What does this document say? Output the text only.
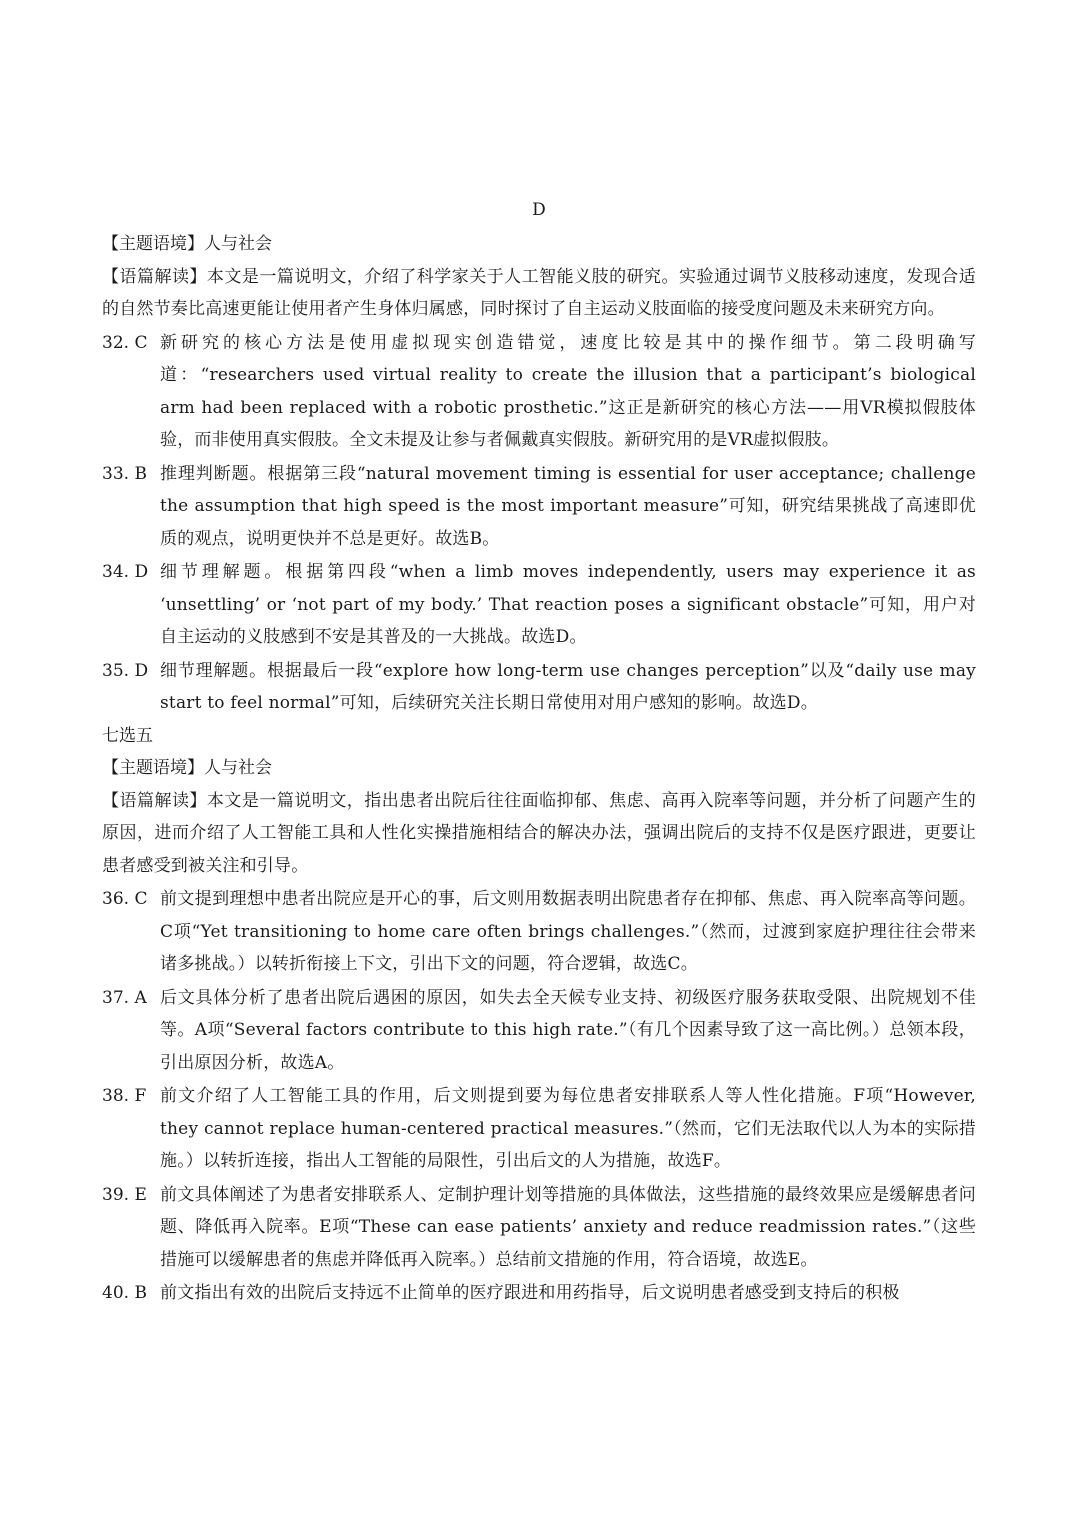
D

【主题语境】人与社会

【语篇解读】本文是一篇说明文，介绍了科学家关于人工智能义肢的研究。实验通过调节义肢移动速度，发现合适的自然节奏比高速更能让使用者产生身体归属感，同时探讨了自主运动义肢面临的接受度问题及未来研究方向。

32. C 新研究的核心方法是使用虚拟现实创造错觉，速度比较是其中的操作细节。第二段明确写道：“researchers used virtual reality to create the illusion that a participant’s biological arm had been replaced with a robotic prosthetic.”这正是新研究的核心方法——用VR模拟假肢体验，而非使用真实假肢。全文未提及让参与者佩戴真实假肢。新研究用的是VR虚拟假肢。
33. B 推理判断题。根据第三段“natural movement timing is essential for user acceptance; challenge the assumption that high speed is the most important measure”可知，研究结果挑战了高速即优质的观点，说明更快并不总是更好。故选B。
34. D 细节理解题。根据第四段“when a limb moves independently, users may experience it as ‘unsettling’ or ‘not part of my body.’ That reaction poses a significant obstacle”可知，用户对自主运动的义肢感到不安是其普及的一大挑战。故选D。
35. D 细节理解题。根据最后一段“explore how long-term use changes perception”以及“daily use may start to feel normal”可知，后续研究关注长期日常使用对用户感知的影响。故选D。

七选五

【主题语境】人与社会

【语篇解读】本文是一篇说明文，指出患者出院后往往面临抑郁、焦虑、高再入院率等问题，并分析了问题产生的原因，进而介绍了人工智能工具和人性化实操措施相结合的解决办法，强调出院后的支持不仅是医疗跟进，更要让患者感受到被关注和引导。

36. C 前文提到理想中患者出院应是开心的事，后文则用数据表明出院患者存在抑郁、焦虑、再入院率高等问题。C项“Yet transitioning to home care often brings challenges.”（然而，过渡到家庭护理往往会带来诸多挑战。）以转折衔接上下文，引出下文的问题，符合逻辑，故选C。
37. A 后文具体分析了患者出院后遇困的原因，如失去全天候专业支持、初级医疗服务获取受限、出院规划不佳等。A项“Several factors contribute to this high rate.”（有几个因素导致了这一高比例。）总领本段，引出原因分析，故选A。
38. F 前文介绍了人工智能工具的作用，后文则提到要为每位患者安排联系人等人性化措施。F项“However, they cannot replace human-centered practical measures.”（然而，它们无法取代以人为本的实际措施。）以转折连接，指出人工智能的局限性，引出后文的人为措施，故选F。
39. E 前文具体阐述了为患者安排联系人、定制护理计划等措施的具体做法，这些措施的最终效果应是缓解患者问题、降低再入院率。E项“These can ease patients’ anxiety and reduce readmission rates.”（这些措施可以缓解患者的焦虑并降低再入院率。）总结前文措施的作用，符合语境，故选E。
40. B 前文指出有效的出院后支持远不止简单的医疗跟进和用药指导，后文说明患者感受到支持后的积极
